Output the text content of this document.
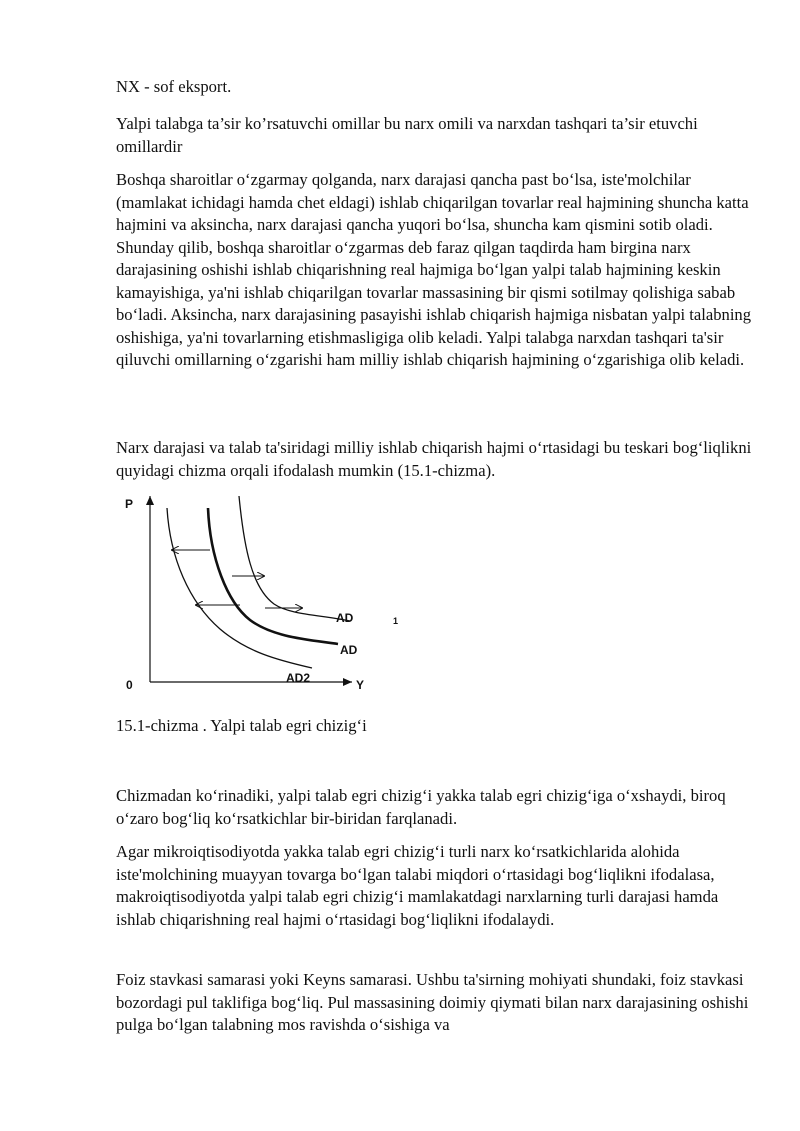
NX - sof eksport.

Yalpi talabga ta’sir ko’rsatuvchi omillar bu narx omili va narxdan tashqari ta’sir etuvchi omillardir

Boshqa sharoitlar o‘zgarmay qolganda, narx darajasi qancha past bo‘lsa, iste'molchilar (mamlakat ichidagi hamda chet eldagi) ishlab chiqarilgan tovarlar real hajmining shuncha katta hajmini va aksincha, narx darajasi qancha yuqori bo‘lsa, shuncha kam qismini sotib oladi. Shunday qilib, boshqa sharoitlar o‘zgarmas deb faraz qilgan taqdirda ham birgina narx darajasining oshishi ishlab chiqarishning real hajmiga bo‘lgan yalpi talab hajmining keskin kamayishiga, ya'ni ishlab chiqarilgan tovarlar massasining bir qismi sotilmay qolishiga sabab bo‘ladi. Aksincha, narx darajasining pasayishi ishlab chiqarish hajmiga nisbatan yalpi talabning oshishiga, ya'ni tovarlarning etishmasligiga olib keladi. Yalpi talabga narxdan tashqari ta'sir qiluvchi omillarning o‘zgarishi ham milliy ishlab chiqarish hajmining o‘zgarishiga olib keladi.

Narx darajasi va talab ta'siridagi milliy ishlab chiqarish hajmi o‘rtasidagi bu teskari bog‘liqlikni quyidagi chizma orqali ifodalash mumkin (15.1-chizma).

P
Y
0
AD	1
AD
AD2

15.1-chizma . Yalpi talab egri chizig‘i

Chizmadan ko‘rinadiki, yalpi talab egri chizig‘i yakka talab egri chizig‘iga o‘xshaydi, biroq o‘zaro bog‘liq ko‘rsatkichlar bir-biridan farqlanadi.

Agar mikroiqtisodiyotda yakka talab egri chizig‘i turli narx ko‘rsatkichlarida alohida iste'molchining muayyan tovarga bo‘lgan talabi miqdori o‘rtasidagi bog‘liqlikni ifodalasa, makroiqtisodiyotda yalpi talab egri chizig‘i mamlakatdagi narxlarning turli darajasi hamda ishlab chiqarishning real hajmi o‘rtasidagi bog‘liqlikni ifodalaydi.

Foiz stavkasi samarasi yoki Keyns samarasi. Ushbu ta'sirning mohiyati shundaki, foiz stavkasi bozordagi pul taklifiga bog‘liq. Pul massasining doimiy qiymati bilan narx darajasining oshishi pulga bo‘lgan talabning mos ravishda o‘sishiga va
